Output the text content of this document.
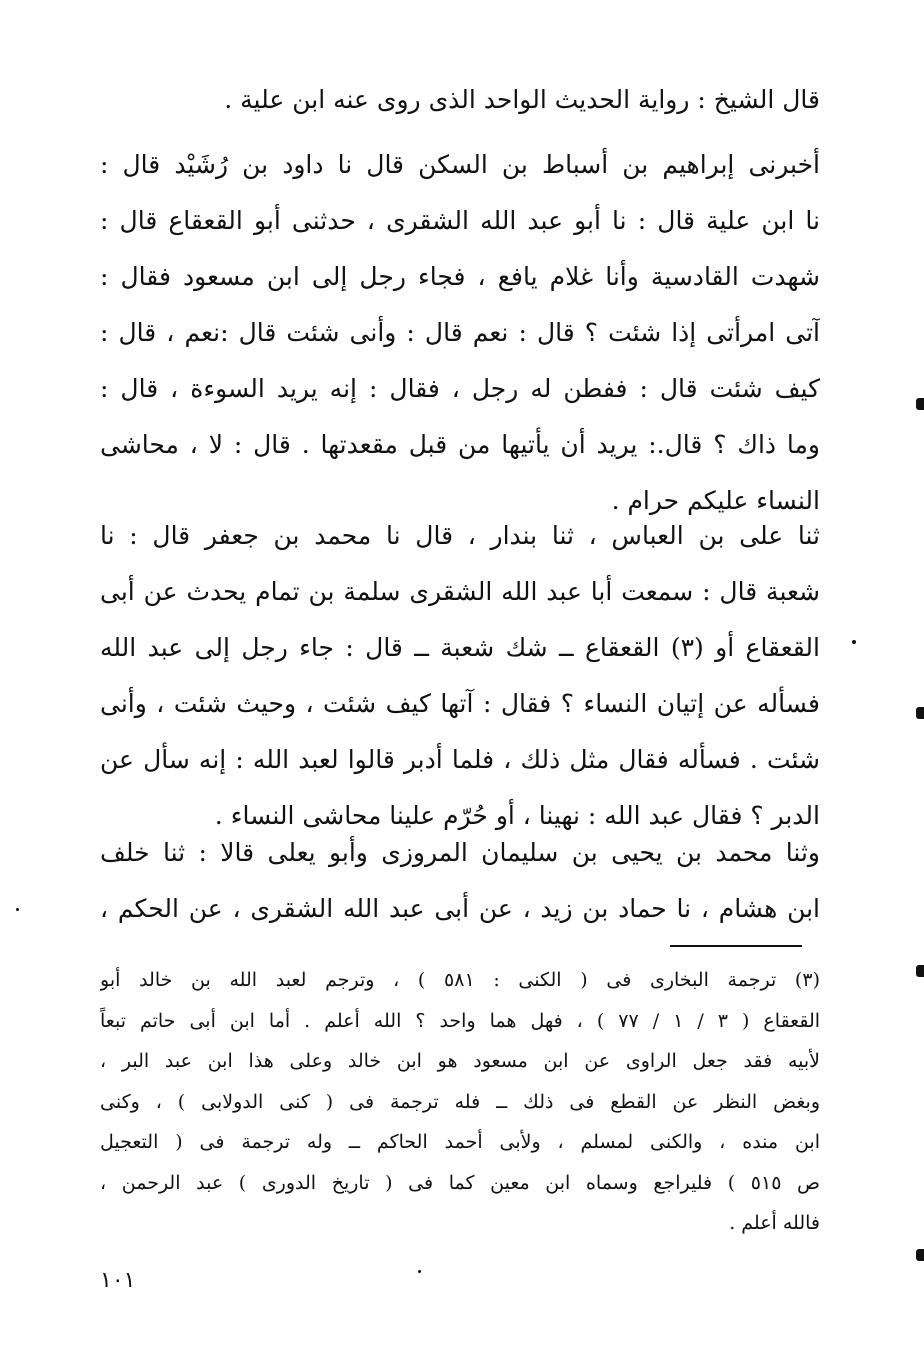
قال الشيخ : رواية الحديث الواحد الذى روى عنه ابن علية .
أخبرنى إبراهيم بن أسباط بن السكن قال نا داود بن رُشَيْد قال :
نا ابن علية قال : نا أبو عبد الله الشقرى ، حدثنى أبو القعقاع قال :
شهدت القادسية وأنا غلام يافع ، فجاء رجل إلى ابن مسعود فقال :
آتى امرأتى إذا شئت ؟ قال : نعم قال : وأنى شئت قال :نعم ، قال :
كيف شئت قال : ففطن له رجل ، فقال : إنه يريد السوءة ، قال :
وما ذاك ؟ قال.: يريد أن يأتيها من قبل مقعدتها . قال : لا ، محاشى
النساء عليكم حرام .
ثنا على بن العباس ، ثنا بندار ، قال نا محمد بن جعفر قال : نا
شعبة قال : سمعت أبا عبد الله الشقرى سلمة بن تمام يحدث عن أبى
القعقاع أو (٣) القعقاع ــ شك شعبة ــ قال : جاء رجل إلى عبد الله
فسأله عن إتيان النساء ؟ فقال : آتها كيف شئت ، وحيث شئت ، وأنى
شئت . فسأله فقال مثل ذلك ، فلما أدبر قالوا لعبد الله : إنه سأل عن
الدبر ؟ فقال عبد الله : نهينا ، أو حُرّم علينا محاشى النساء .
وثنا محمد بن يحيى بن سليمان المروزى وأبو يعلى قالا : ثنا خلف
ابن هشام ، نا حماد بن زيد ، عن أبى عبد الله الشقرى ، عن الحكم ،
(٣) ترجمة البخارى فى ( الكنى : ٥٨١ ) ، وترجم لعبد الله بن خالد أبو
القعقاع ( ٣ / ١ / ٧٧ ) ، فهل هما واحد ؟ الله أعلم . أما ابن أبى حاتم تبعاً
لأبيه فقد جعل الراوى عن ابن مسعود هو ابن خالد وعلى هذا ابن عبد البر ،
وبغض النظر عن القطع فى ذلك ــ فله ترجمة فى ( كنى الدولابى ) ، وكنى
ابن منده ، والكنى لمسلم ، ولأبى أحمد الحاكم ــ وله ترجمة فى ( التعجيل
ص ٥١٥ ) فليراجع وسماه ابن معين كما فى ( تاريخ الدورى ) عبد الرحمن ،
فالله أعلم .
١٠١
